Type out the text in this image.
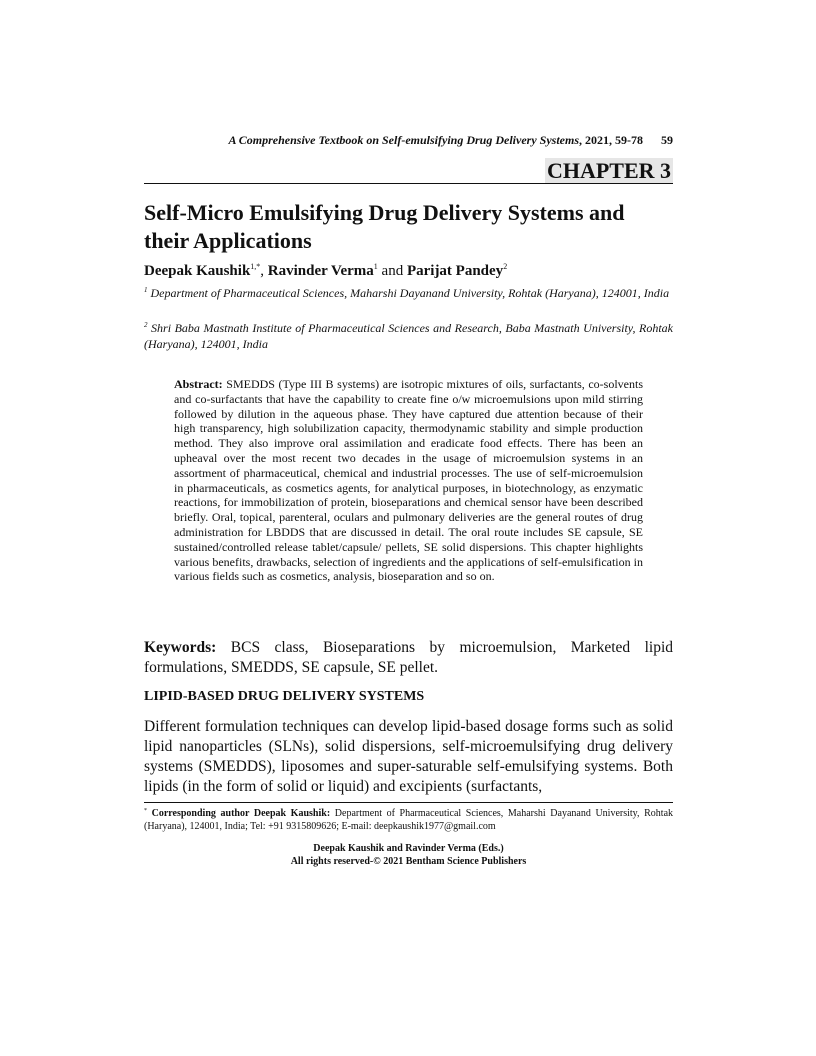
A Comprehensive Textbook on Self-emulsifying Drug Delivery Systems, 2021, 59-78 59
CHAPTER 3
Self-Micro Emulsifying Drug Delivery Systems and their Applications
Deepak Kaushik$^{1,*}$, Ravinder Verma$^1$ and Parijat Pandey$^2$
$^1$ Department of Pharmaceutical Sciences, Maharshi Dayanand University, Rohtak (Haryana), 124001, India
$^2$ Shri Baba Mastnath Institute of Pharmaceutical Sciences and Research, Baba Mastnath University, Rohtak (Haryana), 124001, India
Abstract: SMEDDS (Type III B systems) are isotropic mixtures of oils, surfactants, co-solvents and co-surfactants that have the capability to create fine o/w microemulsions upon mild stirring followed by dilution in the aqueous phase. They have captured due attention because of their high transparency, high solubilization capacity, thermodynamic stability and simple production method. They also improve oral assimilation and eradicate food effects. There has been an upheaval over the most recent two decades in the usage of microemulsion systems in an assortment of pharmaceutical, chemical and industrial processes. The use of self-microemulsion in pharmaceuticals, as cosmetics agents, for analytical purposes, in biotechnology, as enzymatic reactions, for immobilization of protein, bioseparations and chemical sensor have been described briefly. Oral, topical, parenteral, oculars and pulmonary deliveries are the general routes of drug administration for LBDDS that are discussed in detail. The oral route includes SE capsule, SE sustained/controlled release tablet/capsule/ pellets, SE solid dispersions. This chapter highlights various benefits, drawbacks, selection of ingredients and the applications of self-emulsification in various fields such as cosmetics, analysis, bioseparation and so on.
Keywords: BCS class, Bioseparations by microemulsion, Marketed lipid formulations, SMEDDS, SE capsule, SE pellet.
LIPID-BASED DRUG DELIVERY SYSTEMS

Different formulation techniques can develop lipid-based dosage forms such as solid lipid nanoparticles (SLNs), solid dispersions, self-microemulsifying drug delivery systems (SMEDDS), liposomes and super-saturable self-emulsifying systems. Both lipids (in the form of solid or liquid) and excipients (surfactants,

* Corresponding author Deepak Kaushik: Department of Pharmaceutical Sciences, Maharshi Dayanand University, Rohtak (Haryana), 124001, India; Tel: +91 9315809626; E-mail: deepkaushik1977@gmail.com
Deepak Kaushik and Ravinder Verma (Eds.)
All rights reserved-© 2021 Bentham Science Publishers
